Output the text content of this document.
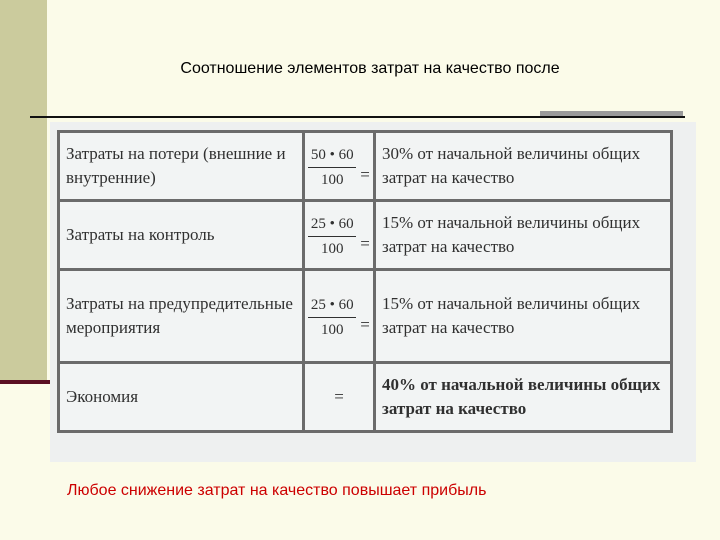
Соотношение элементов затрат на качество после
Затраты на потери (внешние и внутренние)	$\frac{50 • 60}{100}$ =	30% от начальной величины общих затрат на качество
Затраты на контроль	$\frac{25 • 60}{100}$ =	15% от начальной величины общих затрат на качество
Затраты на предупредительные мероприятия	$\frac{25 • 60}{100}$ =	15% от начальной величины общих затрат на качество
Экономия	=	40% от начальной величины общих затрат на качество
Любое снижение затрат на качество повышает прибыль
